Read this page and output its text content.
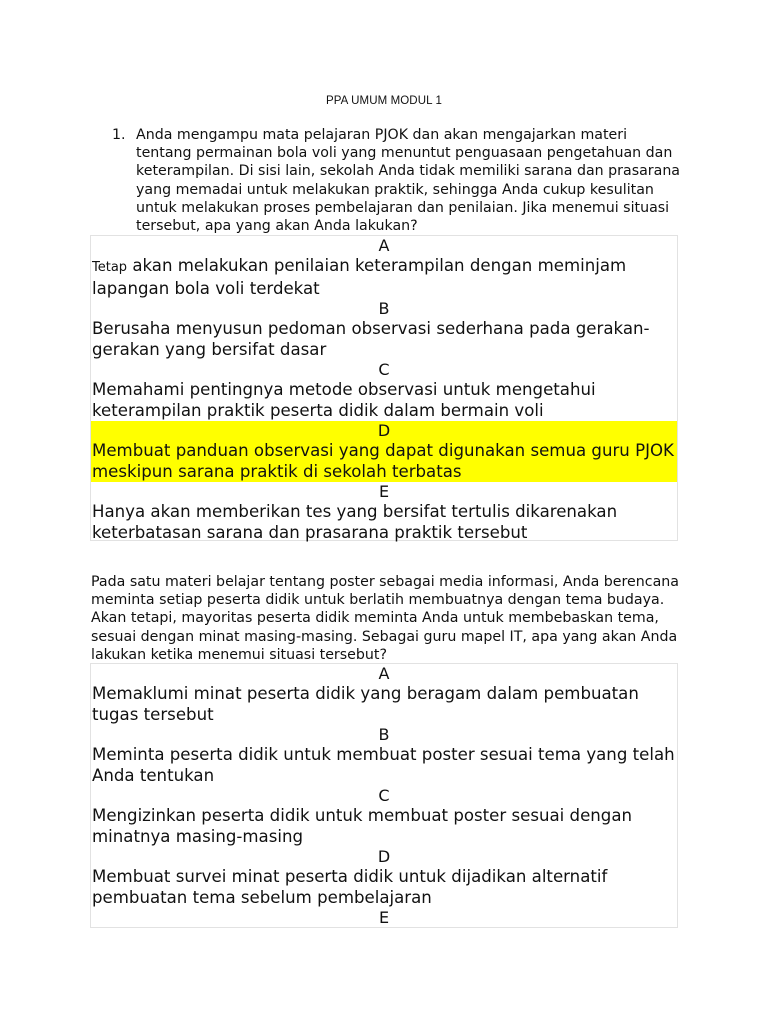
PPA UMUM MODUL 1
1. Anda mengampu mata pelajaran PJOK dan akan mengajarkan materi tentang permainan bola voli yang menuntut penguasaan pengetahuan dan keterampilan. Di sisi lain, sekolah Anda tidak memiliki sarana dan prasarana yang memadai untuk melakukan praktik, sehingga Anda cukup kesulitan untuk melakukan proses pembelajaran dan penilaian. Jika menemui situasi tersebut, apa yang akan Anda lakukan?
A
Tetap akan melakukan penilaian keterampilan dengan meminjam lapangan bola voli terdekat
B
Berusaha menyusun pedoman observasi sederhana pada gerakan-gerakan yang bersifat dasar
C
Memahami pentingnya metode observasi untuk mengetahui keterampilan praktik peserta didik dalam bermain voli
D
Membuat panduan observasi yang dapat digunakan semua guru PJOK meskipun sarana praktik di sekolah terbatas
E
Hanya akan memberikan tes yang bersifat tertulis dikarenakan keterbatasan sarana dan prasarana praktik tersebut
Pada satu materi belajar tentang poster sebagai media informasi, Anda berencana meminta setiap peserta didik untuk berlatih membuatnya dengan tema budaya. Akan tetapi, mayoritas peserta didik meminta Anda untuk membebaskan tema, sesuai dengan minat masing-masing. Sebagai guru mapel IT, apa yang akan Anda lakukan ketika menemui situasi tersebut?
A
Memaklumi minat peserta didik yang beragam dalam pembuatan tugas tersebut
B
Meminta peserta didik untuk membuat poster sesuai tema yang telah Anda tentukan
C
Mengizinkan peserta didik untuk membuat poster sesuai dengan minatnya masing-masing
D
Membuat survei minat peserta didik untuk dijadikan alternatif pembuatan tema sebelum pembelajaran
E
